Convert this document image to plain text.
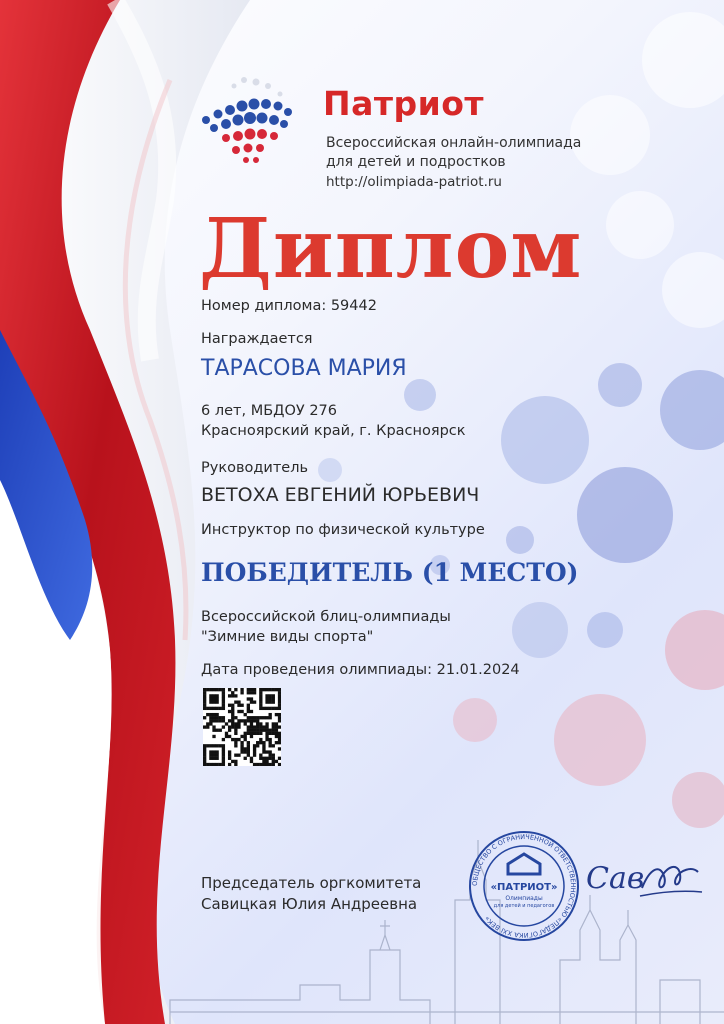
Патриот
Всероссийская онлайн-олимпиада
для детей и подростков
http://olimpiada-patriot.ru
Диплом
Номер диплома: 59442
Награждается
ТАРАСОВА МАРИЯ
6 лет, МБДОУ 276
Красноярский край, г. Красноярск
Руководитель
ВЕТОХА ЕВГЕНИЙ ЮРЬЕВИЧ
Инструктор по физической культуре
ПОБЕДИТЕЛЬ (1 МЕСТО)
Всероссийской блиц-олимпиады
"Зимние виды спорта"
Дата проведения олимпиады: 21.01.2024
Председатель оргкомитета
Савицкая Юлия Андреевна
ОБЩЕСТВО С ОГРАНИЧЕННОЙ ОТВЕТСТВЕННОСТЬЮ «ПЕДАГОГИКА XXI ВЕК»
«ПАТРИОТ»
Олимпиады
для детей и педагогов
Сав
